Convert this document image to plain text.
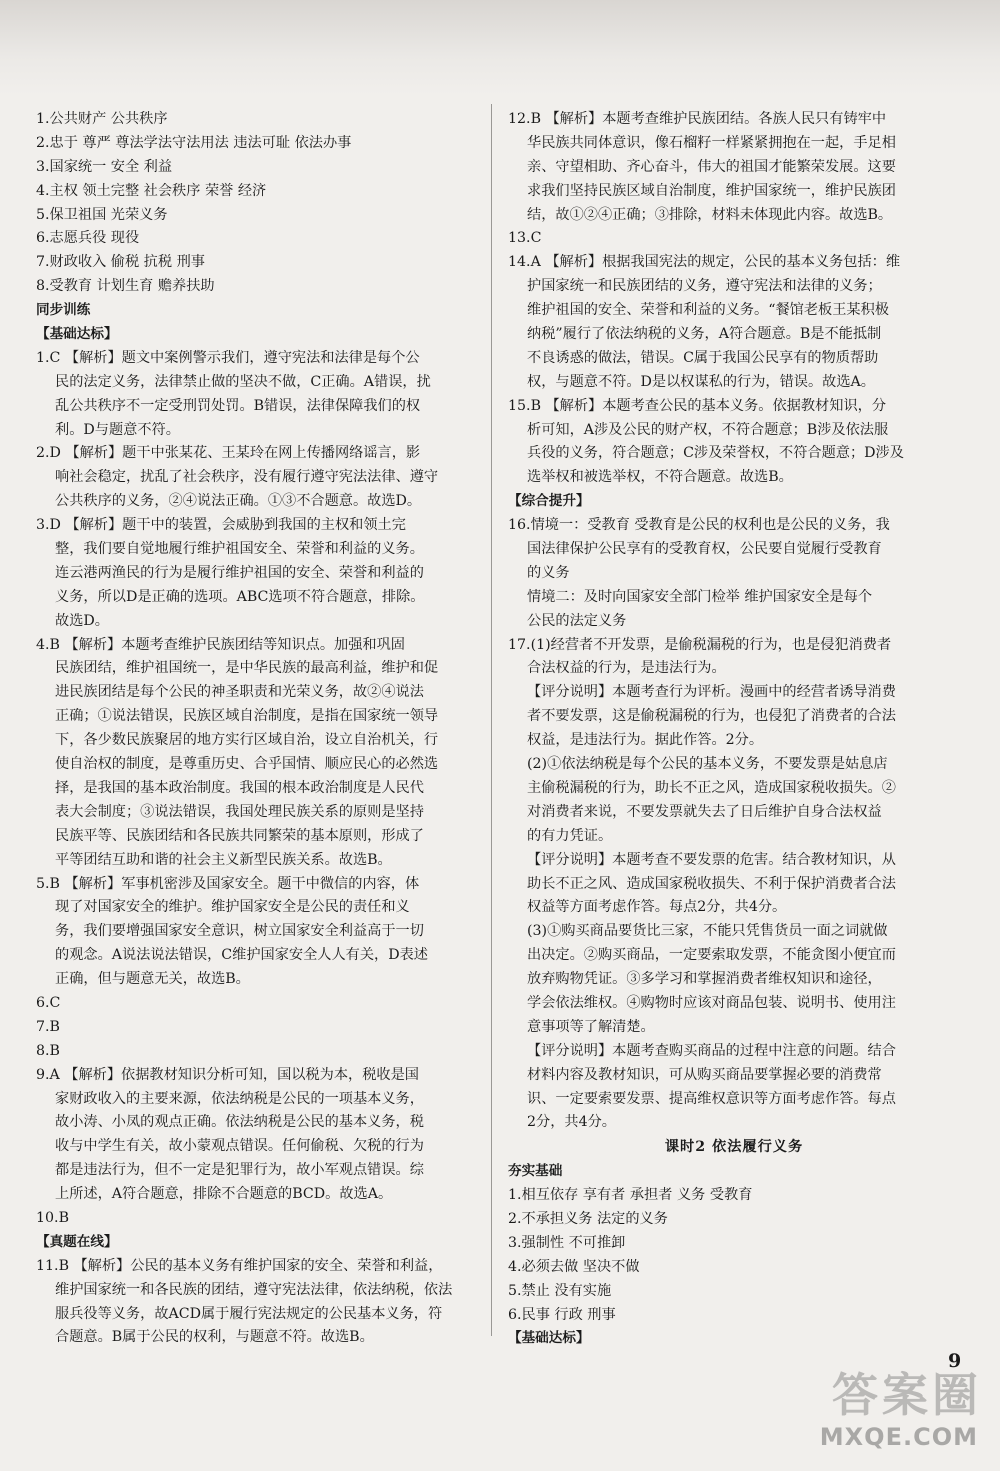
1.公共财产 公共秩序
2.忠于 尊严 尊法学法守法用法 违法可耻 依法办事
3.国家统一 安全 利益
4.主权 领土完整 社会秩序 荣誉 经济
5.保卫祖国 光荣义务
6.志愿兵役 现役
7.财政收入 偷税 抗税 刑事
8.受教育 计划生育 赡养扶助
同步训练
【基础达标】
1.C 【解析】题文中案例警示我们，遵守宪法和法律是每个公
民的法定义务，法律禁止做的坚决不做，C正确。A错误，扰
乱公共秩序不一定受刑罚处罚。B错误，法律保障我们的权
利。D与题意不符。
2.D 【解析】题干中张某花、王某玲在网上传播网络谣言，影
响社会稳定，扰乱了社会秩序，没有履行遵守宪法法律、遵守
公共秩序的义务，②④说法正确。①③不合题意。故选D。
3.D 【解析】题干中的装置，会威胁到我国的主权和领土完
整，我们要自觉地履行维护祖国安全、荣誉和利益的义务。
连云港两渔民的行为是履行维护祖国的安全、荣誉和利益的
义务，所以D是正确的选项。ABC选项不符合题意，排除。
故选D。
4.B 【解析】本题考查维护民族团结等知识点。加强和巩固
民族团结，维护祖国统一，是中华民族的最高利益，维护和促
进民族团结是每个公民的神圣职责和光荣义务，故②④说法
正确；①说法错误，民族区域自治制度，是指在国家统一领导
下，各少数民族聚居的地方实行区域自治，设立自治机关，行
使自治权的制度，是尊重历史、合乎国情、顺应民心的必然选
择，是我国的基本政治制度。我国的根本政治制度是人民代
表大会制度；③说法错误，我国处理民族关系的原则是坚持
民族平等、民族团结和各民族共同繁荣的基本原则，形成了
平等团结互助和谐的社会主义新型民族关系。故选B。
5.B 【解析】军事机密涉及国家安全。题干中微信的内容，体
现了对国家安全的维护。维护国家安全是公民的责任和义
务，我们要增强国家安全意识，树立国家安全利益高于一切
的观念。A说法说法错误，C维护国家安全人人有关，D表述
正确，但与题意无关，故选B。
6.C
7.B
8.B
9.A 【解析】依据教材知识分析可知，国以税为本，税收是国
家财政收入的主要来源，依法纳税是公民的一项基本义务，
故小涛、小凤的观点正确。依法纳税是公民的基本义务，税
收与中学生有关，故小蒙观点错误。任何偷税、欠税的行为
都是违法行为，但不一定是犯罪行为，故小军观点错误。综
上所述，A符合题意，排除不合题意的BCD。故选A。
10.B
【真题在线】
11.B 【解析】公民的基本义务有维护国家的安全、荣誉和利益，
维护国家统一和各民族的团结，遵守宪法法律，依法纳税，依法
服兵役等义务，故ACD属于履行宪法规定的公民基本义务，符
合题意。B属于公民的权利，与题意不符。故选B。
12.B 【解析】本题考查维护民族团结。各族人民只有铸牢中
华民族共同体意识，像石榴籽一样紧紧拥抱在一起，手足相
亲、守望相助、齐心奋斗，伟大的祖国才能繁荣发展。这要
求我们坚持民族区域自治制度，维护国家统一，维护民族团
结，故①②④正确；③排除，材料未体现此内容。故选B。
13.C
14.A 【解析】根据我国宪法的规定，公民的基本义务包括：维
护国家统一和民族团结的义务，遵守宪法和法律的义务；
维护祖国的安全、荣誉和利益的义务。“餐馆老板王某积极
纳税”履行了依法纳税的义务，A符合题意。B是不能抵制
不良诱惑的做法，错误。C属于我国公民享有的物质帮助
权，与题意不符。D是以权谋私的行为，错误。故选A。
15.B 【解析】本题考查公民的基本义务。依据教材知识，分
析可知，A涉及公民的财产权，不符合题意；B涉及依法服
兵役的义务，符合题意；C涉及荣誉权，不符合题意；D涉及
选举权和被选举权，不符合题意。故选B。
【综合提升】
16.情境一：受教育 受教育是公民的权利也是公民的义务，我
国法律保护公民享有的受教育权，公民要自觉履行受教育
的义务
情境二：及时向国家安全部门检举 维护国家安全是每个
公民的法定义务
17.(1)经营者不开发票，是偷税漏税的行为，也是侵犯消费者
合法权益的行为，是违法行为。
【评分说明】本题考查行为评析。漫画中的经营者诱导消费
者不要发票，这是偷税漏税的行为，也侵犯了消费者的合法
权益，是违法行为。据此作答。2分。
(2)①依法纳税是每个公民的基本义务，不要发票是姑息店
主偷税漏税的行为，助长不正之风，造成国家税收损失。②
对消费者来说，不要发票就失去了日后维护自身合法权益
的有力凭证。
【评分说明】本题考查不要发票的危害。结合教材知识，从
助长不正之风、造成国家税收损失、不利于保护消费者合法
权益等方面考虑作答。每点2分，共4分。
(3)①购买商品要货比三家，不能只凭售货员一面之词就做
出决定。②购买商品，一定要索取发票，不能贪图小便宜而
放弃购物凭证。③多学习和掌握消费者维权知识和途径，
学会依法维权。④购物时应该对商品包装、说明书、使用注
意事项等了解清楚。
【评分说明】本题考查购买商品的过程中注意的问题。结合
材料内容及教材知识，可从购买商品要掌握必要的消费常
识、一定要索要发票、提高维权意识等方面考虑作答。每点
2分，共4分。
课时2 依法履行义务
夯实基础
1.相互依存 享有者 承担者 义务 受教育
2.不承担义务 法定的义务
3.强制性 不可推卸
4.必须去做 坚决不做
5.禁止 没有实施
6.民事 行政 刑事
【基础达标】
9
答案圈
MXQE.COM
